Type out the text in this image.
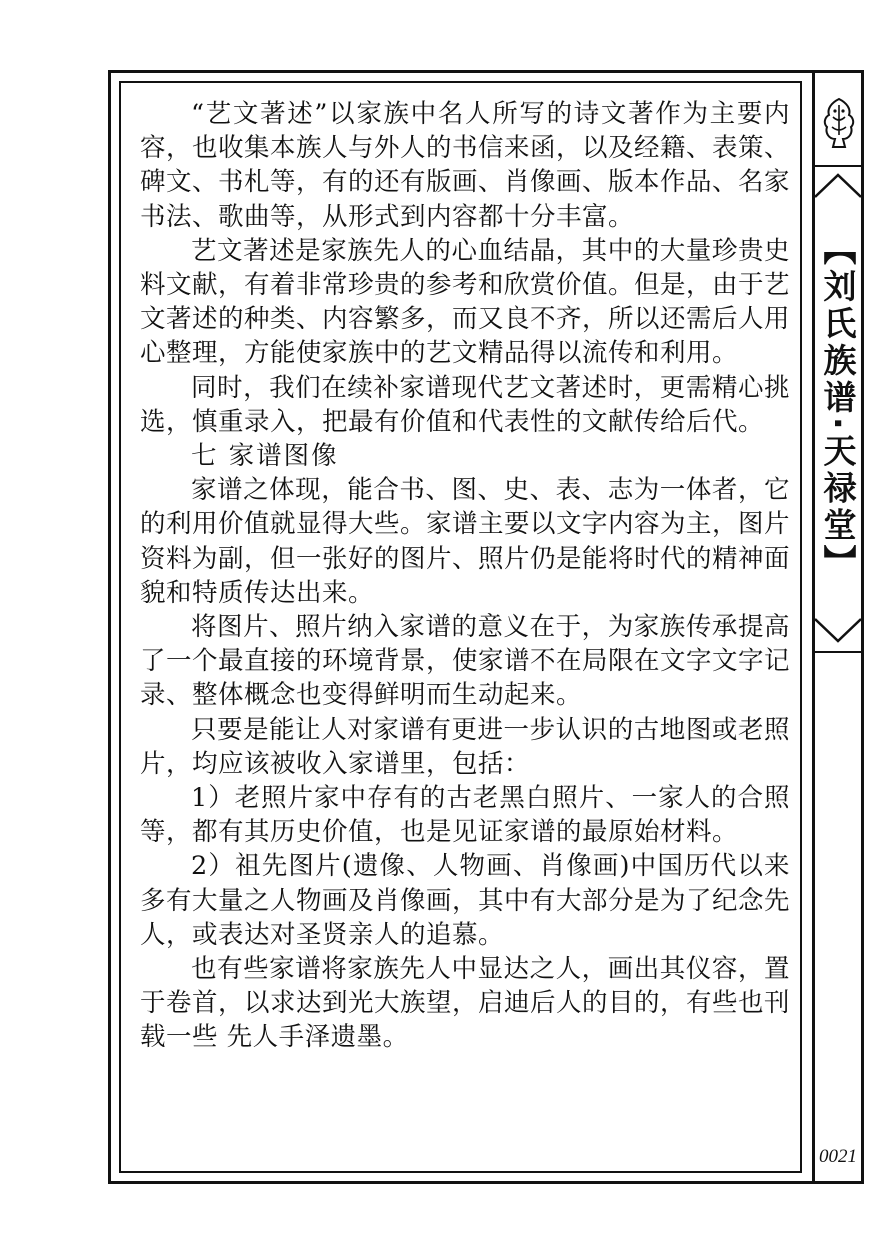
“艺文著述”以家族中名人所写的诗文著作为主要内容，也收集本族人与外人的书信来函，以及经籍、表策、碑文、书札等，有的还有版画、肖像画、版本作品、名家书法、歌曲等，从形式到内容都十分丰富。

艺文著述是家族先人的心血结晶，其中的大量珍贵史料文献，有着非常珍贵的参考和欣赏价值。但是，由于艺文著述的种类、内容繁多，而又良不齐，所以还需后人用心整理，方能使家族中的艺文精品得以流传和利用。

同时，我们在续补家谱现代艺文著述时，更需精心挑选，慎重录入，把最有价值和代表性的文献传给后代。

七 家谱图像

家谱之体现，能合书、图、史、表、志为一体者，它的利用价值就显得大些。家谱主要以文字内容为主，图片资料为副，但一张好的图片、照片仍是能将时代的精神面貌和特质传达出来。

将图片、照片纳入家谱的意义在于，为家族传承提高了一个最直接的环境背景，使家谱不在局限在文字文字记录、整体概念也变得鲜明而生动起来。

只要是能让人对家谱有更进一步认识的古地图或老照片，均应该被收入家谱里，包括：

1）老照片家中存有的古老黑白照片、一家人的合照等，都有其历史价值，也是见证家谱的最原始材料。

2）祖先图片(遗像、人物画、肖像画)中国历代以来多有大量之人物画及肖像画，其中有大部分是为了纪念先人，或表达对圣贤亲人的追慕。

也有些家谱将家族先人中显达之人，画出其仪容，置于卷首，以求达到光大族望，启迪后人的目的，有些也刊载一些 先人手泽遗墨。

【刘氏族谱·天禄堂】
0021
